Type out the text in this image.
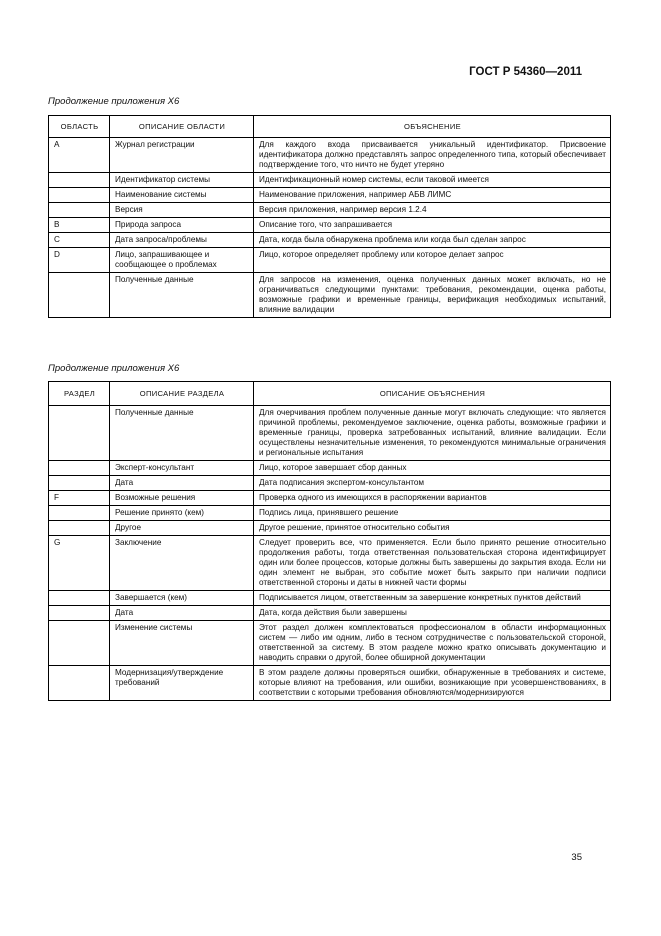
ГОСТ Р 54360—2011
Продолжение приложения Х6
ОБЛАСТЬ	ОПИСАНИЕ ОБЛАСТИ	ОБЪЯСНЕНИЕ
A	Журнал регистрации	Для каждого входа присваивается уникальный идентификатор. Присвоение идентификатора должно представлять запрос определенного типа, который обеспечивает подтверждение того, что ничто не будет утеряно
	Идентификатор системы	Идентификационный номер системы, если таковой имеется
	Наименование системы	Наименование приложения, например АБВ ЛИМС
	Версия	Версия приложения, например версия 1.2.4
B	Природа запроса	Описание того, что запрашивается
C	Дата запроса/проблемы	Дата, когда была обнаружена проблема или когда был сделан запрос
D	Лицо, запрашивающее и сообщающее о проблемах	Лицо, которое определяет проблему или которое делает запрос
	Полученные данные	Для запросов на изменения, оценка полученных данных может включать, но не ограничиваться следующими пунктами: требования, рекомендации, оценка работы, возможные графики и временные границы, верификация необходимых испытаний, влияние валидации
Продолжение приложения Х6
РАЗДЕЛ	ОПИСАНИЕ РАЗДЕЛА	ОПИСАНИЕ ОБЪЯСНЕНИЯ
	Полученные данные	Для очерчивания проблем полученные данные могут включать следующие: что является причиной проблемы, рекомендуемое заключение, оценка работы, возможные графики и временные границы, проверка затребованных испытаний, влияние валидации. Если осуществлены незначительные изменения, то рекомендуются минимальные ограничения и региональные испытания
	Эксперт-консультант	Лицо, которое завершает сбор данных
	Дата	Дата подписания экспертом-консультантом
F	Возможные решения	Проверка одного из имеющихся в распоряжении вариантов
	Решение принято (кем)	Подпись лица, принявшего решение
	Другое	Другое решение, принятое относительно события
G	Заключение	Следует проверить все, что применяется. Если было принято решение относительно продолжения работы, тогда ответственная пользовательская сторона идентифицирует один или более процессов, которые должны быть завершены до закрытия входа. Если ни один элемент не выбран, это событие может быть закрыто при наличии подписи ответственной стороны и даты в нижней части формы
	Завершается (кем)	Подписывается лицом, ответственным за завершение конкретных пунктов действий
	Дата	Дата, когда действия были завершены
	Изменение системы	Этот раздел должен комплектоваться профессионалом в области информационных систем — либо им одним, либо в тесном сотрудничестве с пользовательской стороной, ответственной за систему. В этом разделе можно кратко описывать документацию и наводить справки о другой, более обширной документации
	Модернизация/утверждение требований	В этом разделе должны проверяться ошибки, обнаруженные в требованиях и системе, которые влияют на требования, или ошибки, возникающие при усовершенствованиях, в соответствии с которыми требования обновляются/модернизируются
35
